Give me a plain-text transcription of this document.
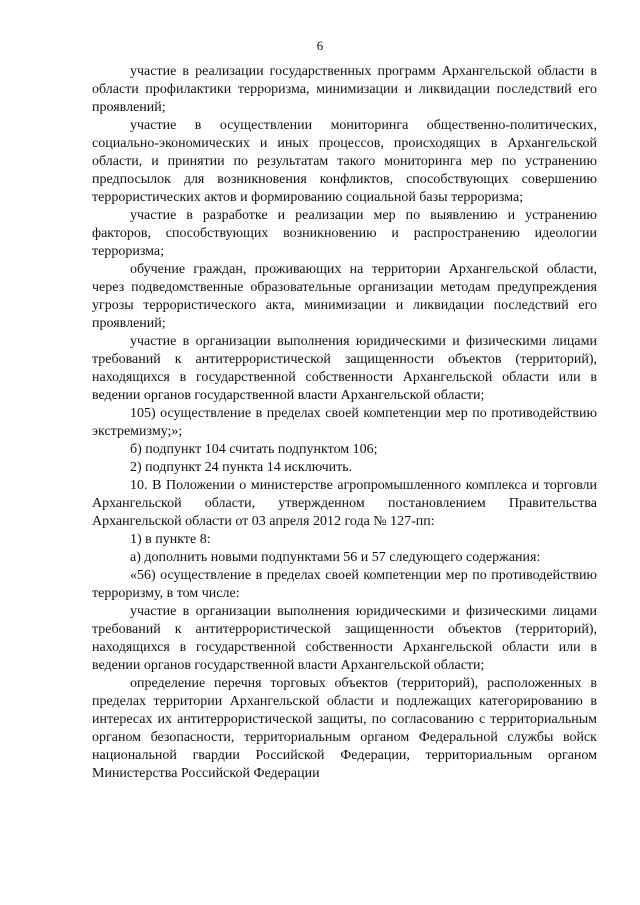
6

участие в реализации государственных программ Архангельской области в области профилактики терроризма, минимизации и ликвидации последствий его проявлений;

участие в осуществлении мониторинга общественно-политических, социально-экономических и иных процессов, происходящих в Архангельской области, и принятии по результатам такого мониторинга мер по устранению предпосылок для возникновения конфликтов, способствующих совершению террористических актов и формированию социальной базы терроризма;

участие в разработке и реализации мер по выявлению и устранению факторов, способствующих возникновению и распространению идеологии терроризма;

обучение граждан, проживающих на территории Архангельской области, через подведомственные образовательные организации методам предупреждения угрозы террористического акта, минимизации и ликвидации последствий его проявлений;

участие в организации выполнения юридическими и физическими лицами требований к антитеррористической защищенности объектов (территорий), находящихся в государственной собственности Архангельской области или в ведении органов государственной власти Архангельской области;

105) осуществление в пределах своей компетенции мер по противодействию экстремизму;»;

б) подпункт 104 считать подпунктом 106;

2) подпункт 24 пункта 14 исключить.

10. В Положении о министерстве агропромышленного комплекса и торговли Архангельской области, утвержденном постановлением Правительства Архангельской области от 03 апреля 2012 года № 127-пп:

1) в пункте 8:

а) дополнить новыми подпунктами 56 и 57 следующего содержания:

«56) осуществление в пределах своей компетенции мер по противодействию терроризму, в том числе:

участие в организации выполнения юридическими и физическими лицами требований к антитеррористической защищенности объектов (территорий), находящихся в государственной собственности Архангельской области или в ведении органов государственной власти Архангельской области;

определение перечня торговых объектов (территорий), расположенных в пределах территории Архангельской области и подлежащих категорированию в интересах их антитеррористической защиты, по согласованию с территориальным органом безопасности, территориальным органом Федеральной службы войск национальной гвардии Российской Федерации, территориальным органом Министерства Российской Федерации
